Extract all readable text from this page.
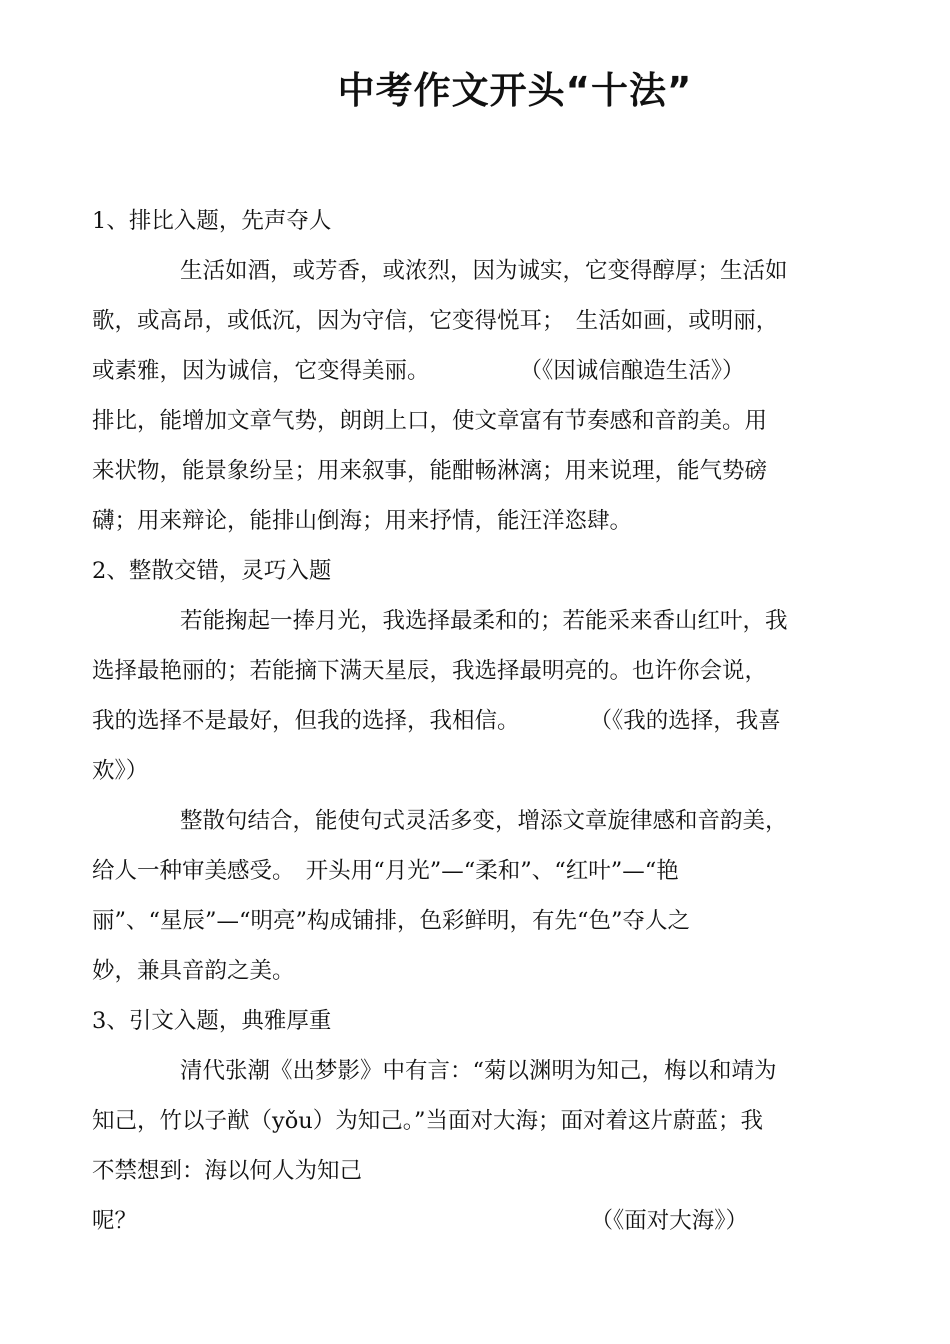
中考作文开头“十法”

1、排比入题，先声夺人

生活如酒，或芳香，或浓烈，因为诚实，它变得醇厚；生活如
歌，或高昂，或低沉，因为守信，它变得悦耳；　生活如画，或明丽，
或素雅，因为诚信，它变得美丽。	（《因诚信酿造生活》）
排比，能增加文章气势，朗朗上口，使文章富有节奏感和音韵美。用
来状物，能景象纷呈；用来叙事，能酣畅淋漓；用来说理，能气势磅
礴；用来辩论，能排山倒海；用来抒情，能汪洋恣肆。

2、整散交错，灵巧入题

若能掬起一捧月光，我选择最柔和的；若能采来香山红叶，我
选择最艳丽的；若能摘下满天星辰，我选择最明亮的。也许你会说，
我的选择不是最好，但我的选择，我相信。	（《我的选择，我喜
欢》）
整散句结合，能使句式灵活多变，增添文章旋律感和音韵美，
给人一种审美感受。　开头用“月光”—“柔和”、“红叶”—“艳
丽”、“星辰”—“明亮”构成铺排，色彩鲜明，有先“色”夺人之
妙，兼具音韵之美。

3、引文入题，典雅厚重

清代张潮《出梦影》中有言：“菊以渊明为知己，梅以和靖为
知己，竹以子猷（yǒu）为知己。”当面对大海；面对着这片蔚蓝；我
不禁想到：海以何人为知己
呢？	（《面对大海》）
